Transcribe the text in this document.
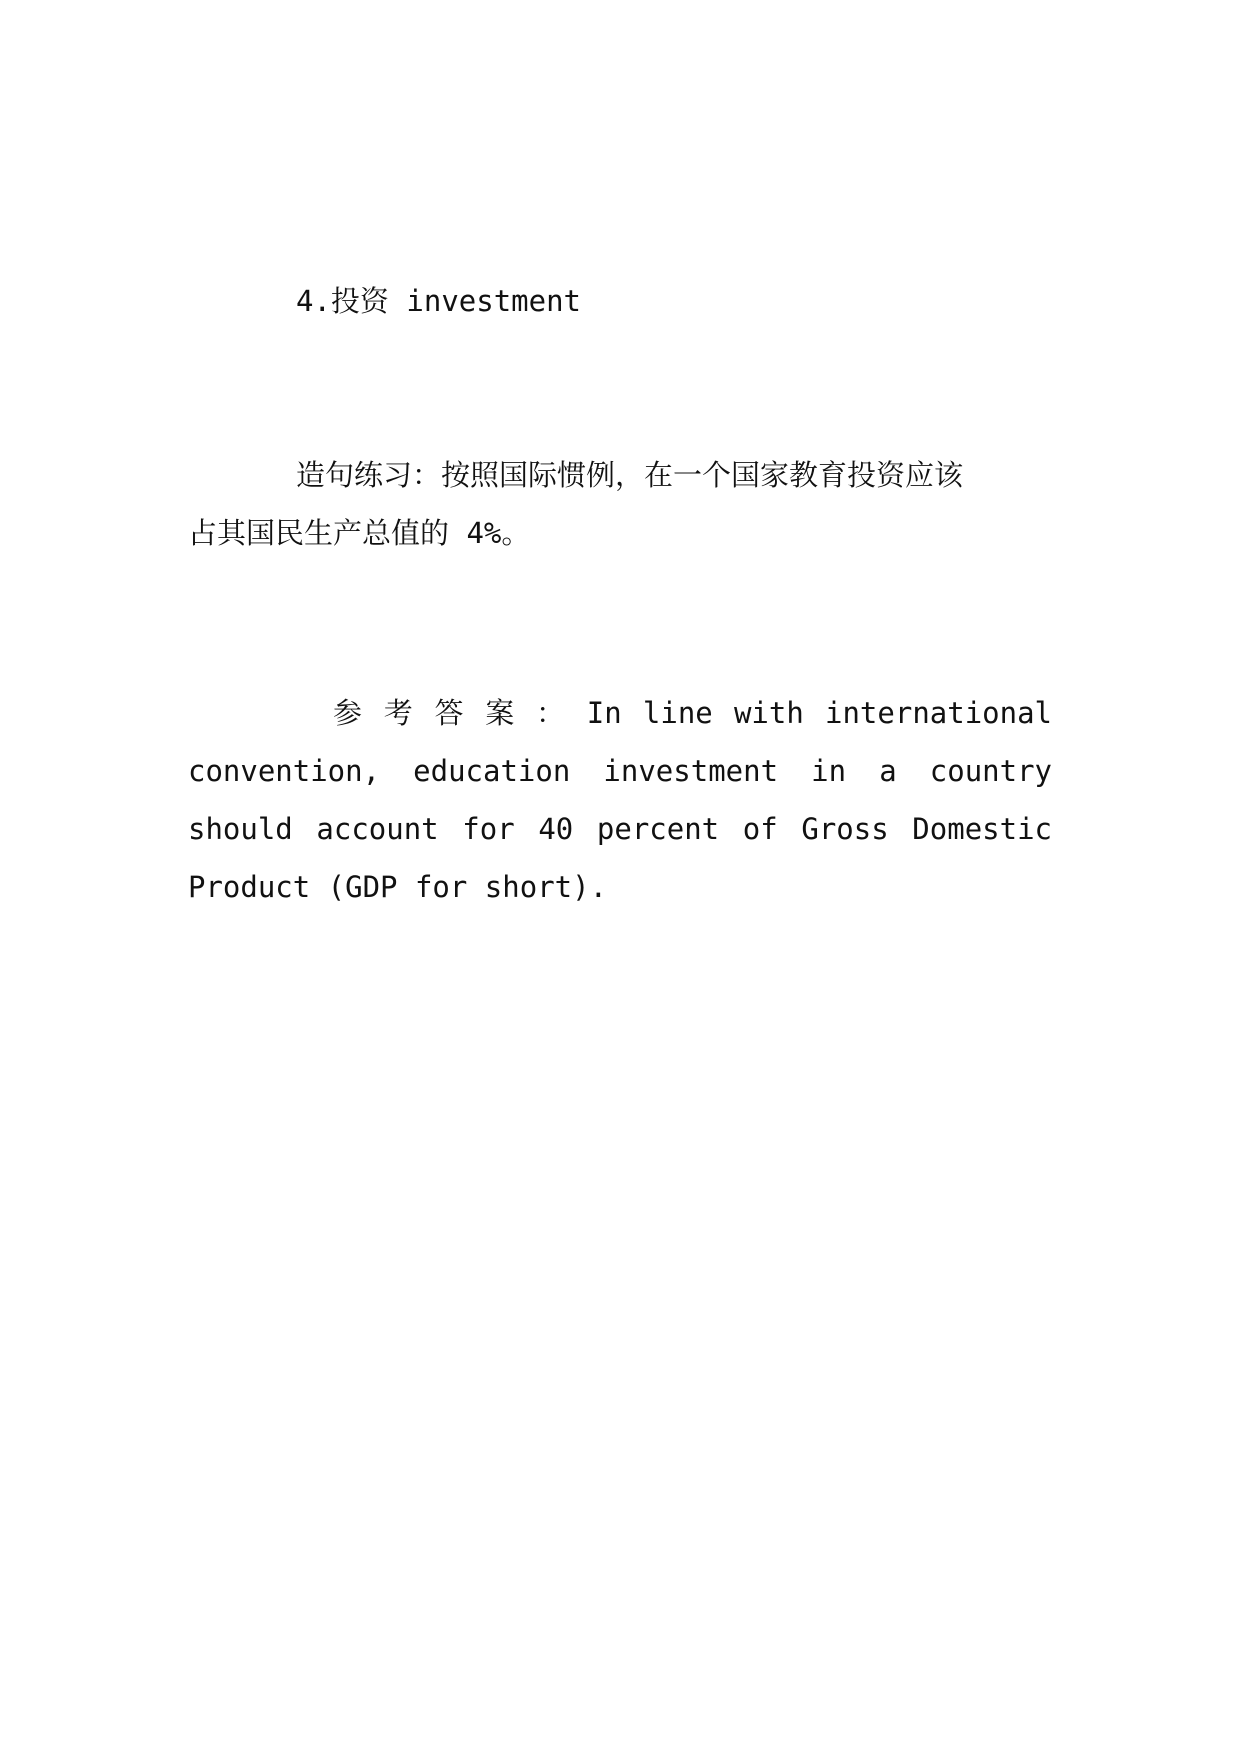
4.投资 investment

造句练习：按照国际惯例，在一个国家教育投资应该
占其国民生产总值的 4%。

参考答案：In line with international
convention, education investment in a country
should account for 40 percent of Gross Domestic
Product (GDP for short).
